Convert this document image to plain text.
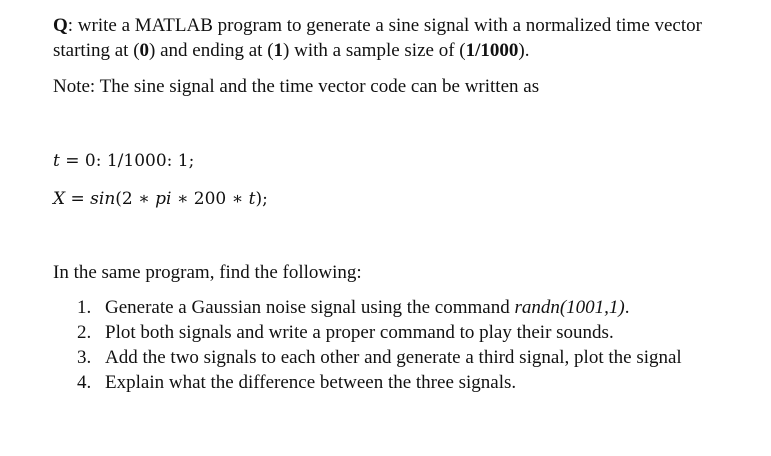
Q: write a MATLAB program to generate a sine signal with a normalized time vector
starting at (0) and ending at (1) with a sample size of (1/1000).
Note: The sine signal and the time vector code can be written as
t = 0: 1/1000: 1;
X = sin(2 ∗ pi ∗ 200 ∗ t);
In the same program, find the following:
1. Generate a Gaussian noise signal using the command randn(1001,1).
2. Plot both signals and write a proper command to play their sounds.
3. Add the two signals to each other and generate a third signal, plot the signal
4. Explain what the difference between the three signals.
